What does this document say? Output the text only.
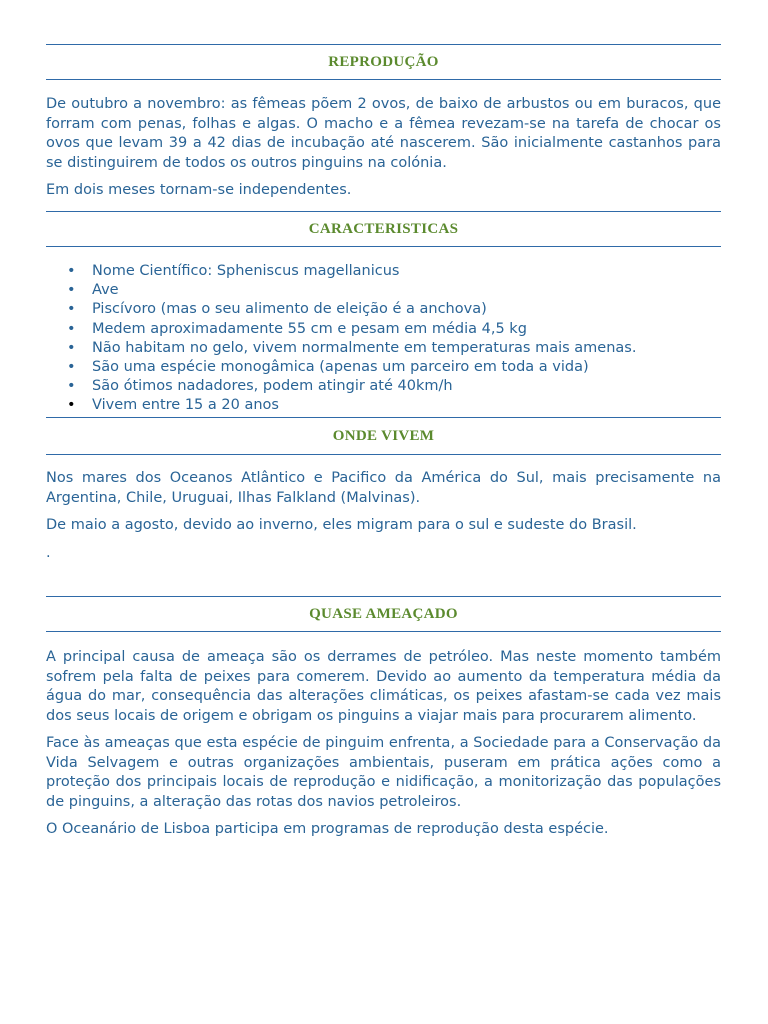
REPRODUÇÃO

De outubro a novembro: as fêmeas põem 2 ovos, de baixo de arbustos ou em buracos, que forram com penas, folhas e algas. O macho e a fêmea revezam-se na tarefa de chocar os ovos que levam 39 a 42 dias de incubação até nascerem. São inicialmente castanhos para se distinguirem de todos os outros pinguins na colónia.

Em dois meses tornam-se independentes.

CARACTERISTICAS
• Nome Científico: Spheniscus magellanicus
• Ave
• Piscívoro (mas o seu alimento de eleição é a anchova)
• Medem aproximadamente 55 cm e pesam em média 4,5 kg
• Não habitam no gelo, vivem normalmente em temperaturas mais amenas.
• São uma espécie monogâmica (apenas um parceiro em toda a vida)
• São ótimos nadadores, podem atingir até 40km/h
• Vivem entre 15 a 20 anos
ONDE VIVEM

Nos mares dos Oceanos Atlântico e Pacifico da América do Sul, mais precisamente na Argentina, Chile, Uruguai, Ilhas Falkland (Malvinas).

De maio a agosto, devido ao inverno, eles migram para o sul e sudeste do Brasil.

.

QUASE AMEAÇADO

A principal causa de ameaça são os derrames de petróleo. Mas neste momento também sofrem pela falta de peixes para comerem. Devido ao aumento da temperatura média da água do mar, consequência das alterações climáticas, os peixes afastam-se cada vez mais dos seus locais de origem e obrigam os pinguins a viajar mais para procurarem alimento.

Face às ameaças que esta espécie de pinguim enfrenta, a Sociedade para a Conservação da Vida Selvagem e outras organizações ambientais, puseram em prática ações como a proteção dos principais locais de reprodução e nidificação, a monitorização das populações de pinguins, a alteração das rotas dos navios petroleiros.

O Oceanário de Lisboa participa em programas de reprodução desta espécie.
